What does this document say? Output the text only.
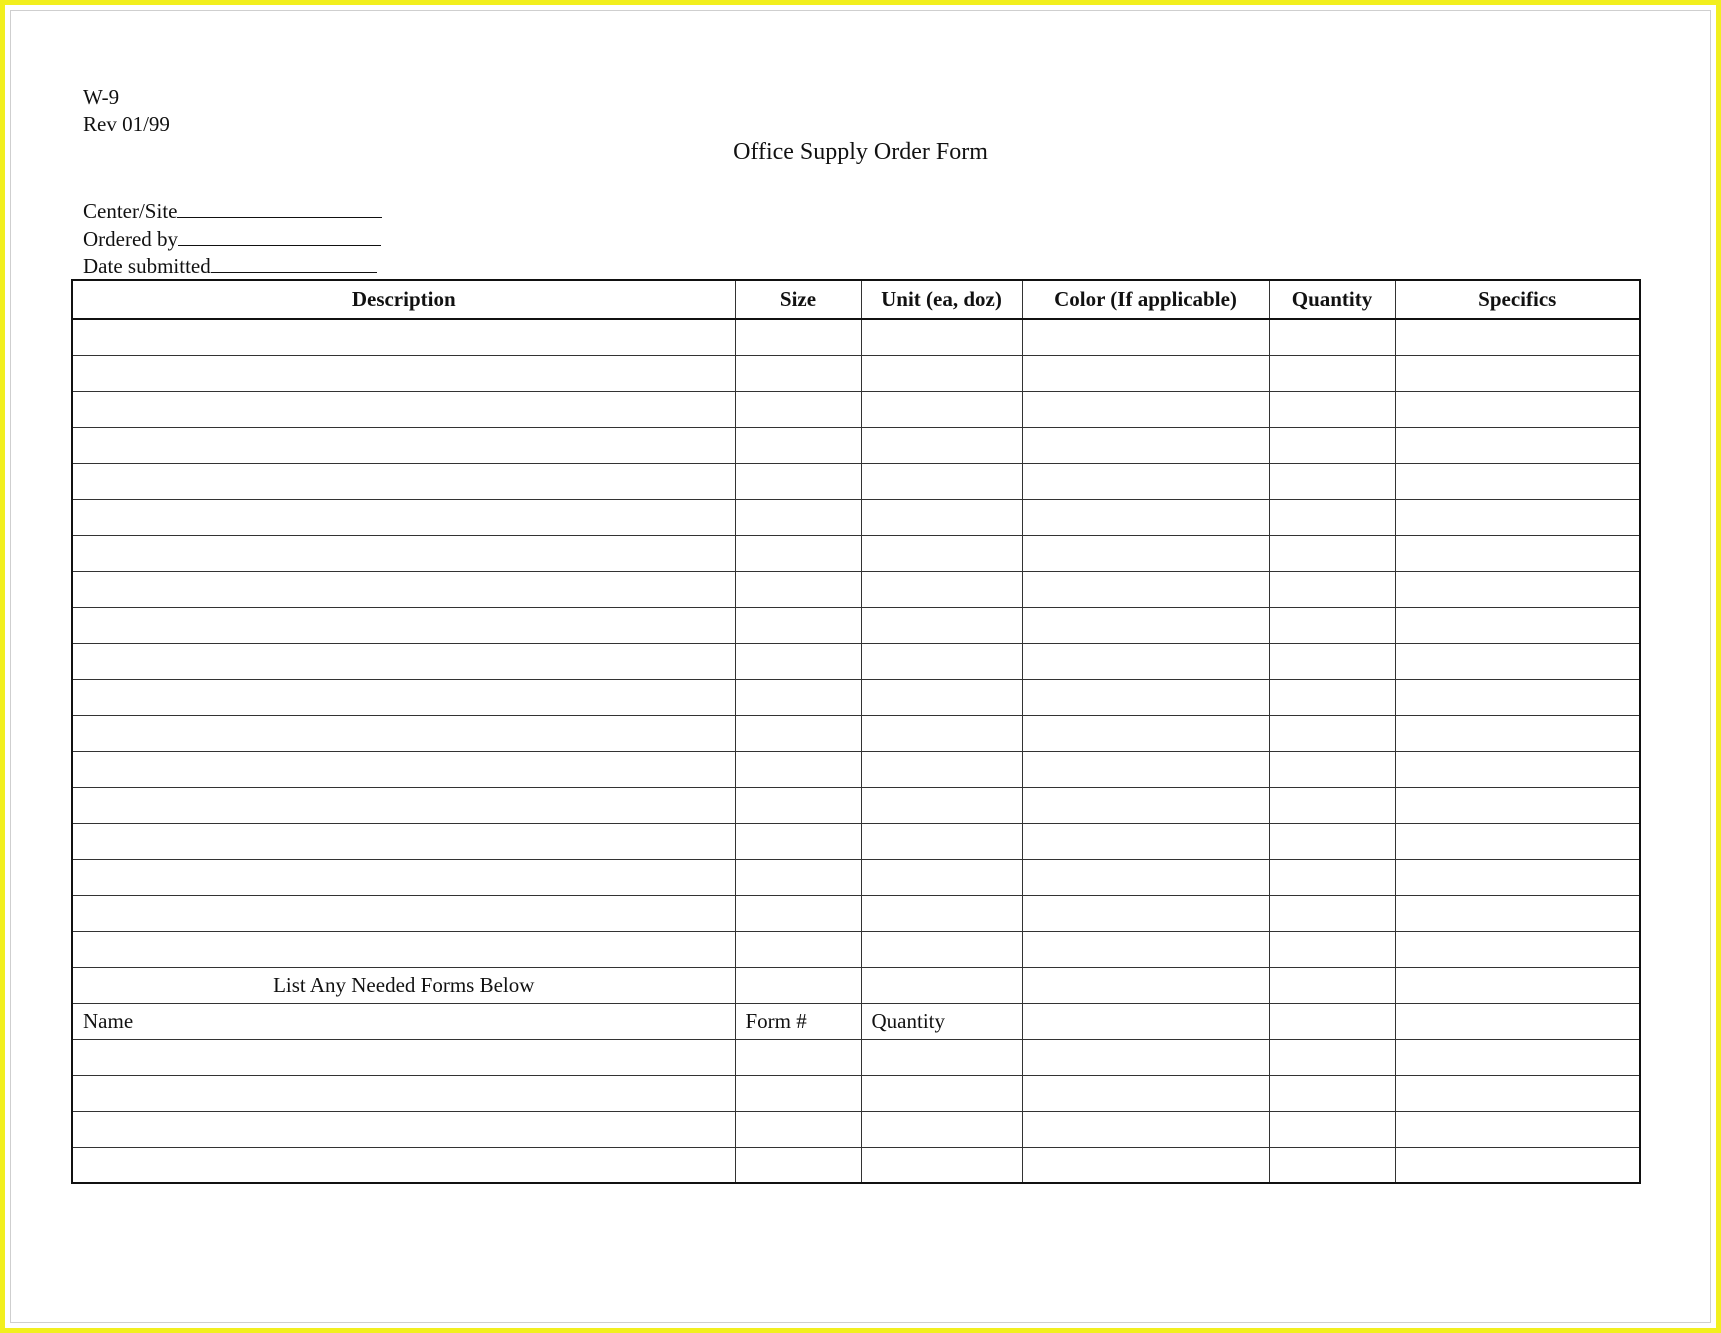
W-9
Rev 01/99
Office Supply Order Form
Center/Site
Ordered by
Date submitted
Description	Size	Unit (ea, doz)	Color (If applicable)	Quantity	Specifics

List Any Needed Forms Below					
Name	Form #	Quantity			
